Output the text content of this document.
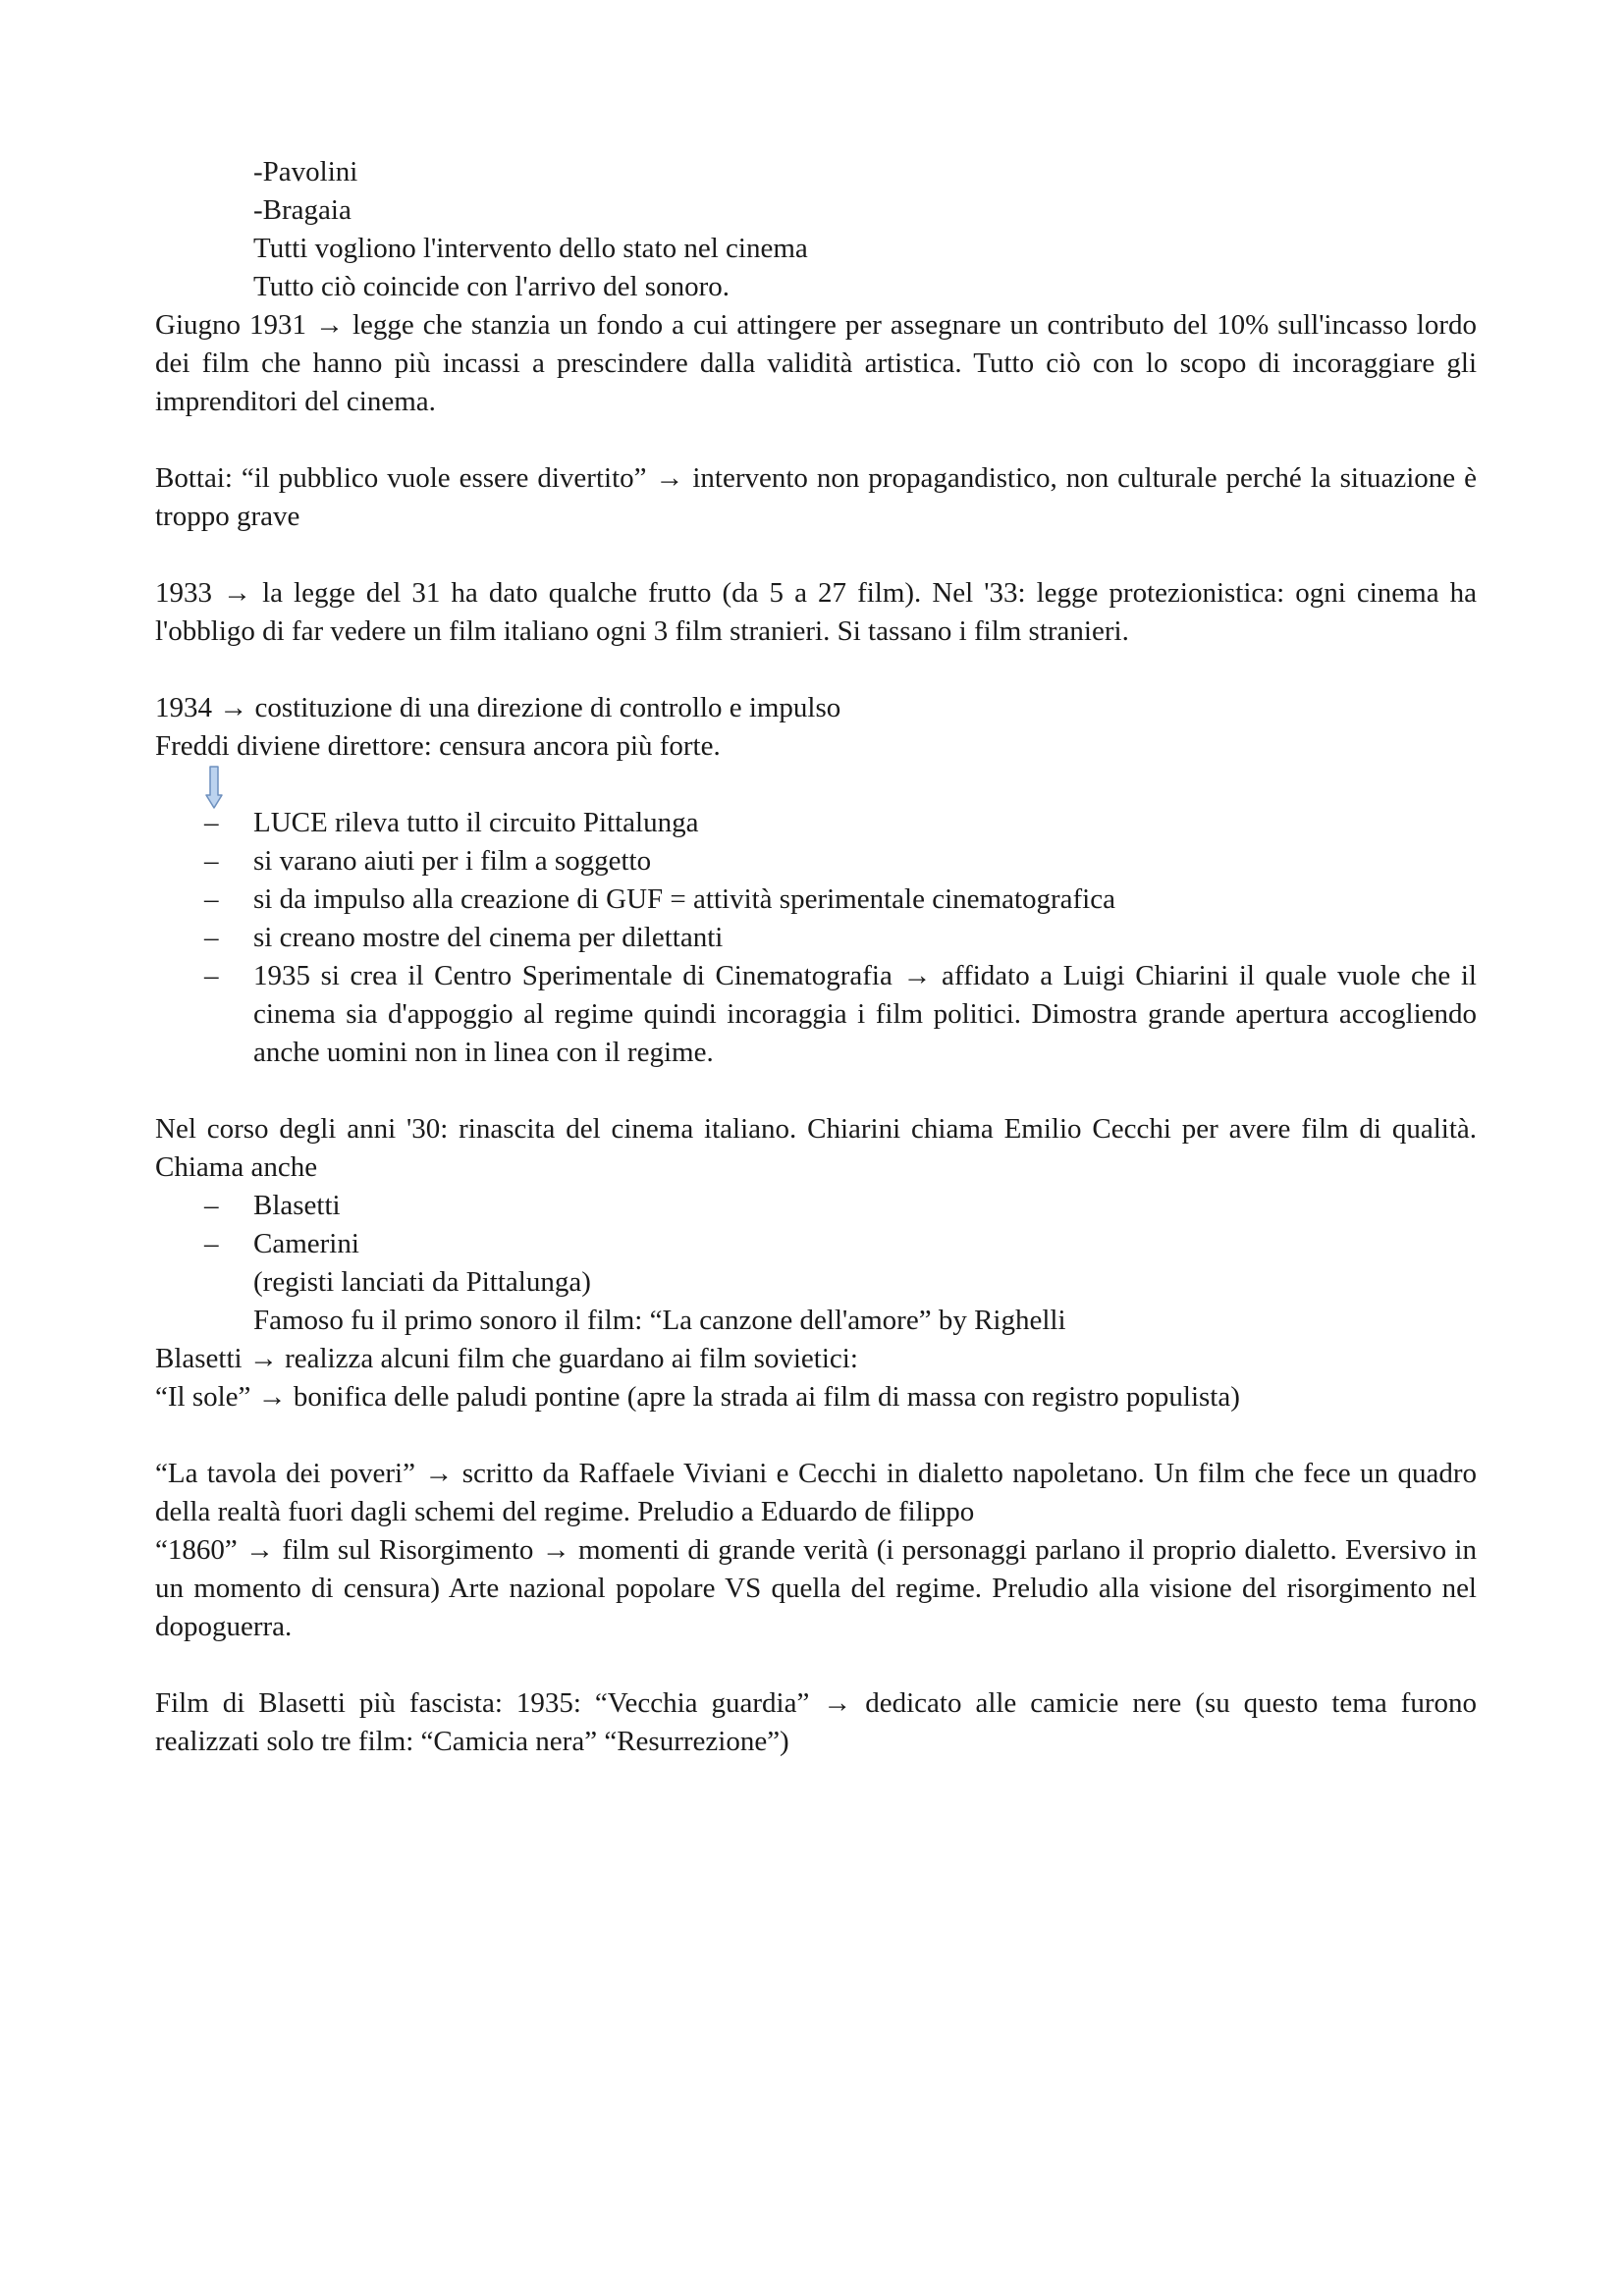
-Pavolini
-Bragaia
Tutti vogliono l'intervento dello stato nel cinema
Tutto ciò coincide con l'arrivo del sonoro.
Giugno 1931 → legge che stanzia un fondo a cui attingere per assegnare un contributo del 10% sull'incasso lordo dei film che hanno più incassi a prescindere dalla validità artistica. Tutto ciò con lo scopo di incoraggiare gli imprenditori del cinema.
Bottai: “il pubblico vuole essere divertito” → intervento non propagandistico, non culturale perché la situazione è troppo grave
1933 → la legge del 31 ha dato qualche frutto (da 5 a 27 film). Nel '33: legge protezionistica: ogni cinema ha l'obbligo di far vedere un film italiano ogni 3 film stranieri. Si tassano i film stranieri.
1934 → costituzione di una direzione di controllo e impulso
Freddi diviene direttore: censura ancora più forte.
– LUCE rileva tutto il circuito Pittalunga
– si varano aiuti per i film a soggetto
– si da impulso alla creazione di GUF = attività sperimentale cinematografica
– si creano mostre del cinema per dilettanti
– 1935 si crea il Centro Sperimentale di Cinematografia → affidato a Luigi Chiarini il quale vuole che il cinema sia d'appoggio al regime quindi incoraggia i film politici. Dimostra grande apertura accogliendo anche uomini non in linea con il regime.
Nel corso degli anni '30: rinascita del cinema italiano. Chiarini chiama Emilio Cecchi per avere film di qualità. Chiama anche
– Blasetti
– Camerini
(registi lanciati da Pittalunga)
Famoso fu il primo sonoro il film: “La canzone dell'amore” by Righelli
Blasetti → realizza alcuni film che guardano ai film sovietici:
“Il sole” → bonifica delle paludi pontine (apre la strada ai film di massa con registro populista)
“La tavola dei poveri” → scritto da Raffaele Viviani e Cecchi in dialetto napoletano. Un film che fece un quadro della realtà fuori dagli schemi del regime. Preludio a Eduardo de filippo
“1860” → film sul Risorgimento → momenti di grande verità (i personaggi parlano il proprio dialetto. Eversivo in un momento di censura) Arte nazional popolare VS quella del regime. Preludio alla visione del risorgimento nel dopoguerra.
Film di Blasetti più fascista: 1935: “Vecchia guardia” → dedicato alle camicie nere (su questo tema furono realizzati solo tre film: “Camicia nera” “Resurrezione”)
